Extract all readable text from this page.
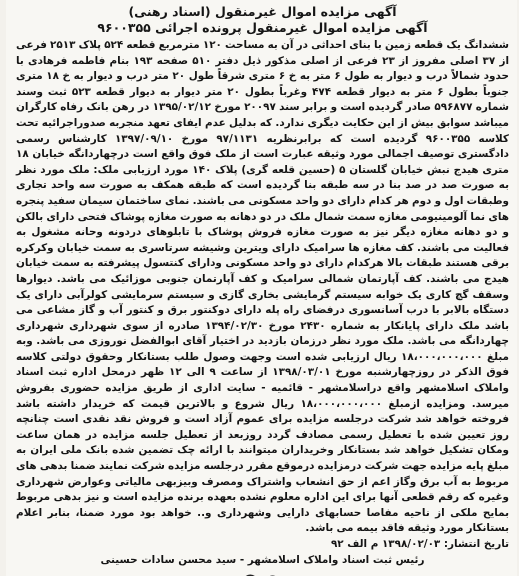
آگهی مزایده اموال غیرمنقول (اسناد رهنی)
آگهی مزایده اموال غیرمنقول پرونده اجرائی ۹۶۰۰۳۵۵

ششدانگ یک قطعه زمین با بنای احداثی در آن به مساحت ۱۲۰ مترمربع قطعه ۵۲۴ پلاک ۲۵۱۳ فرعی از ۳۷ اصلی مفروز از ۲۳ فرعی از اصلی مذکور ذیل دفتر ۵۱۰ صفحه ۱۹۳ بنام فاطمه فرهادی با حدود شمالاً درب و دیوار به طول ۶ متر به خ ۶ متری شرقاً طول ۲۰ متر درب و دیوار به خ ۱۸ متری جنوباً بطول ۶ متر به دیوار قطعه ۴۷۴ وغرباً بطول ۲۰ متر دیوار به دیوار قطعه ۵۲۳ ثبت وسند شماره ۵۹۶۸۷۷ صادر گردیده است و برابر سند ۲۰۰۹۷ مورخ ۱۳۹۵/۰۲/۱۲ در رهن بانک رفاه کارگران میباشد سوابق بیش از این حکایت دیگری ندارد. که بدلیل عدم ایفای تعهد منجربه صدوراجرائیه تحت کلاسه ۹۶۰۰۳۵۵ گردیده است که برابرنظریه ۹۷/۱۱۳۱ مورخ ۱۳۹۷/۰۹/۱۰ کارشناس رسمی دادگستری توصیف اجمالی مورد وثیقه عبارت است از ملک فوق واقع است درچهاردانگه خیابان ۱۸ متری هیدج نبش خیابان گلستان ۵ (حسین قلعه گری) پلاک ۱۴۰ مورد ارزیابی ملک: ملک مورد نظر به صورت صد در صد بنا در سه طبقه بنا گردیده است که طبقه همکف به صورت سه واحد تجاری وطبقات اول و دوم هر کدام دارای دو واحد مسکونی می باشند. نمای ساختمان سیمان سفید پنجره های نما آلومینیومی مغازه سمت شمال ملک در دو دهانه به صورت مغازه پوشاک فتحی دارای بالکن و دو دهانه مغازه دیگر نیز به صورت مغازه فروش پوشاک با تابلوهای دردونه وحانه مشغول به فعالیت می باشند. کف مغازه ها سرامیک دارای ویترین وشیشه سرتاسری به سمت خیابان وکرکره برقی هستند طبقات بالا هرکدام دارای دو واحد مسکونی ودارای کنتسول پیشرفته به سمت خیابان هیدج می باشند. کف آپارتمان شمالی سرامیک و کف آپارتمان جنوبی موزائیک می باشد. دیوارها وسقف گچ کاری یک خوابه سیستم گرمایشی بخاری گازی و سیستم سرمایشی کولرآبی دارای یک دستگاه بالابر با درب آسانسوری درفضای راه پله دارای دوکنتور برق و کنتور آب و گاز مشاعی می باشد ملک دارای پایانکار به شماره ۲۴۳۰ مورخ ۱۳۹۴/۰۲/۳۰ صادره از سوی شهرداری شهرداری چهاردانگه می باشد. ملک مورد نظر درزمان بازدید در اختیار آقای ابوالفضل نوروزی می باشد. وبه مبلغ ۱۸،۰۰۰،۰۰۰،۰۰۰ ریال ارزیابی شده است وجهت وصول طلب بستانکار وحقوق دولتی کلاسه فوق الذکر در روزچهارشنبه مورخ ۱۳۹۸/۰۳/۰۱ از ساعت ۹ الی ۱۲ ظهر درمحل اداره ثبت اسناد واملاک اسلامشهر واقع دراسلامشهر - قائمیه - سایت اداری از طریق مزایده حضوری بفروش میرسد. ومزایده ازمبلغ ۱۸،۰۰۰،۰۰۰،۰۰۰ ریال شروع و بالاترین قیمت که خریدار داشته باشد فروخته خواهد شد شرکت درجلسه مزایده برای عموم آزاد است و فروش نقد نقدی است چنانچه روز تعیین شده با تعطیل رسمی مصادف گردد روزبعد از تعطیل جلسه مزایده در همان ساعت ومکان تشکیل خواهد شد بستانکار وخریداران میتوانند با ارائه چک تضمین شده بانک ملی ایران به مبلغ پایه مزایده جهت شرکت درمزایده درموقع مقرر درجلسه مزایده شرکت نمایند ضمنا بدهی های مربوط به آب برق وگاز اعم از حق انشعاب واشتراک ومصرف وبیزبهی مالیاتی وعوارض شهرداری وغیره که رقم قطعی آنها برای این اداره معلوم نشده بعهده برنده مزایده است و نیز بدهی مربوط بمایح ملکی از ناحیه مفاصا حسابهای دارایی وشهرداری و.. خواهد بود مورد ضمنا، بنابر اعلام بستانکار مورد وثیقه فاقد بیمه می باشد.

تاریخ انتشار: ۱۳۹۸/۰۲/۰۳ م الف ۹۲

رئیس ثبت اسناد واملاک اسلامشهر - سید محسن سادات حسینی
